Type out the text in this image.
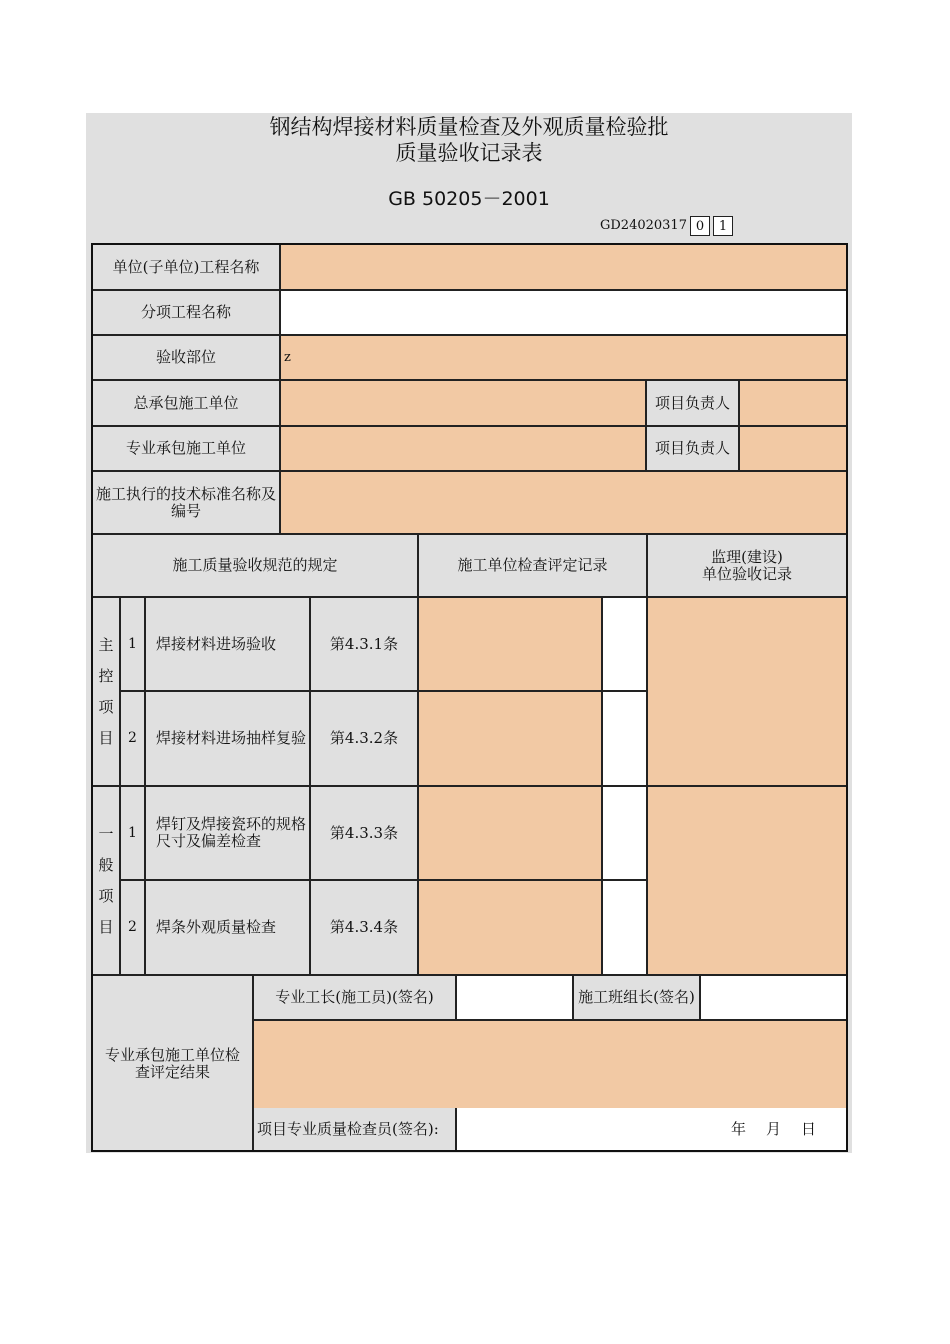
钢结构焊接材料质量检查及外观质量检验批
质量验收记录表
GB 50205－2001
GD24020317 0	1
单位(子单位)工程名称
分项工程名称
验收部位	z
总承包施工单位	项目负责人
专业承包施工单位	项目负责人
施工执行的技术标准名称及编号
施工质量验收规范的规定	施工单位检查评定记录	监理(建设)
单位验收记录
主
控
项
目
1	焊接材料进场验收	第4.3.1条
2	焊接材料进场抽样复验	第4.3.2条
一
般
项
目
1	焊钉及焊接瓷环的规格尺寸及偏差检查	第4.3.3条
2	焊条外观质量检查	第4.3.4条
专业承包施工单位检查评定结果
专业工长(施工员)(签名)	施工班组长(签名)
项目专业质量检查员(签名):	年 月 日
